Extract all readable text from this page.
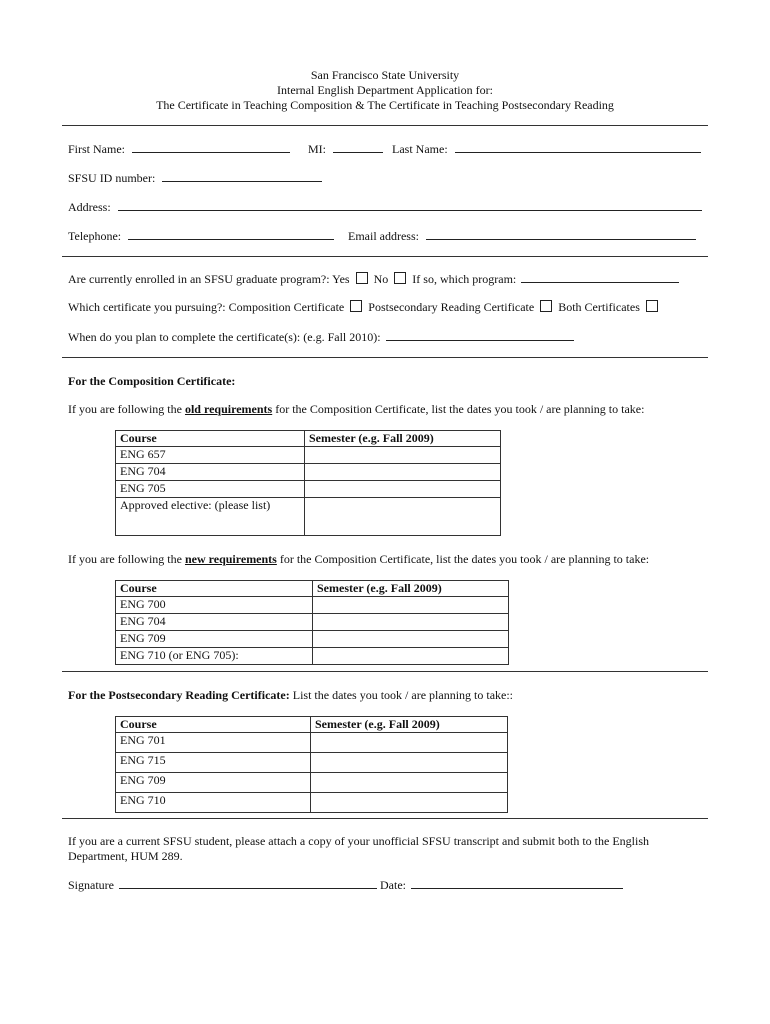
San Francisco State University
Internal English Department Application for:
The Certificate in Teaching Composition & The Certificate in Teaching Postsecondary Reading
First Name:	MI:	Last Name:
SFSU ID number:
Address:
Telephone:	Email address:
Are currently enrolled in an SFSU graduate program?: Yes No If so, which program:
Which certificate you pursuing?: Composition Certificate Postsecondary Reading Certificate Both Certificates
When do you plan to complete the certificate(s): (e.g. Fall 2010):
For the Composition Certificate:
If you are following the old requirements for the Composition Certificate, list the dates you took / are planning to take:
Course	Semester (e.g. Fall 2009)
ENG 657	
ENG 704	
ENG 705	
Approved elective: (please list)	
If you are following the new requirements for the Composition Certificate, list the dates you took / are planning to take:
Course	Semester (e.g. Fall 2009)
ENG 700	
ENG 704	
ENG 709	
ENG 710 (or ENG 705):	
For the Postsecondary Reading Certificate: List the dates you took / are planning to take::
Course	Semester (e.g. Fall 2009)
ENG 701	
ENG 715	
ENG 709	
ENG 710	
If you are a current SFSU student, please attach a copy of your unofficial SFSU transcript and submit both to the English Department, HUM 289.
Signature	Date:
